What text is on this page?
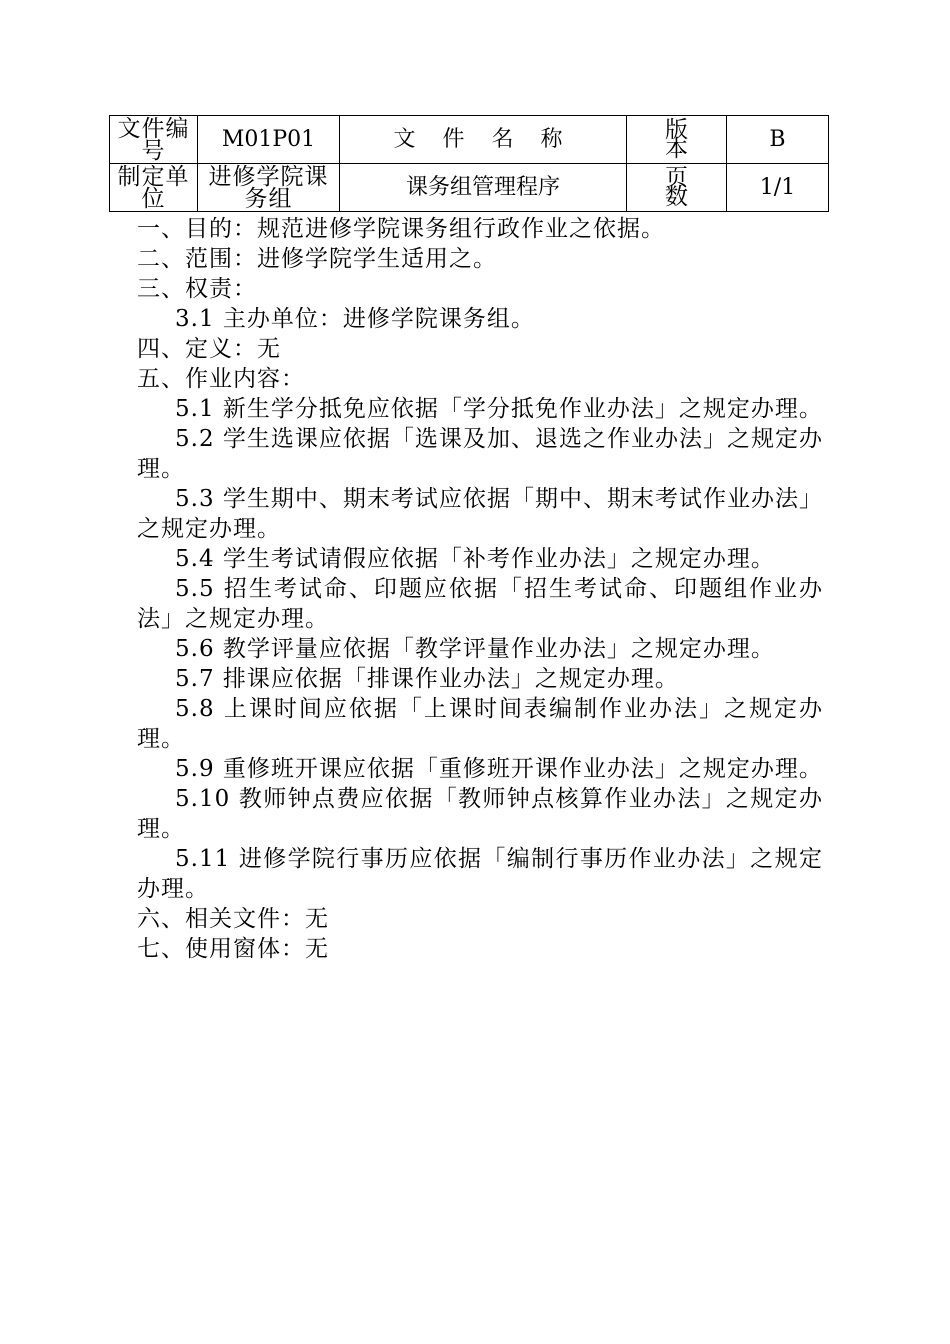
文件编号	M01P01	文 件 名 称	版本	B

制定单位	进修学院课务组	课务组管理程序	页数	1/1
一、目的：规范进修学院课务组行政作业之依据。
二、范围：进修学院学生适用之。
三、权责：
3.1 主办单位：进修学院课务组。
四、定义：无
五、作业内容：
5.1 新生学分抵免应依据「学分抵免作业办法」之规定办理。
5.2 学生选课应依据「选课及加、退选之作业办法」之规定办理。
5.3 学生期中、期末考试应依据「期中、期末考试作业办法」之规定办理。
5.4 学生考试请假应依据「补考作业办法」之规定办理。
5.5 招生考试命、印题应依据「招生考试命、印题组作业办法」之规定办理。
5.6 教学评量应依据「教学评量作业办法」之规定办理。
5.7 排课应依据「排课作业办法」之规定办理。
5.8 上课时间应依据「上课时间表编制作业办法」之规定办理。
5.9 重修班开课应依据「重修班开课作业办法」之规定办理。
5.10 教师钟点费应依据「教师钟点核算作业办法」之规定办理。
5.11 进修学院行事历应依据「编制行事历作业办法」之规定办理。
六、相关文件：无
七、使用窗体：无
